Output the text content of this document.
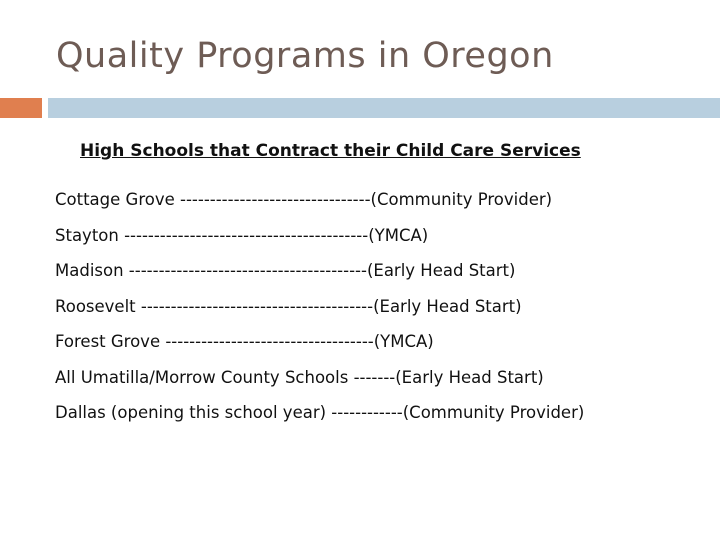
Quality Programs in Oregon
High Schools that Contract their Child Care Services
Cottage Grove --------------------------------(Community Provider)
Stayton -----------------------------------------(YMCA)
Madison ----------------------------------------(Early Head Start)
Roosevelt ---------------------------------------(Early Head Start)
Forest Grove -----------------------------------(YMCA)
All Umatilla/Morrow County Schools -------(Early Head Start)
Dallas (opening this school year) ------------(Community Provider)
